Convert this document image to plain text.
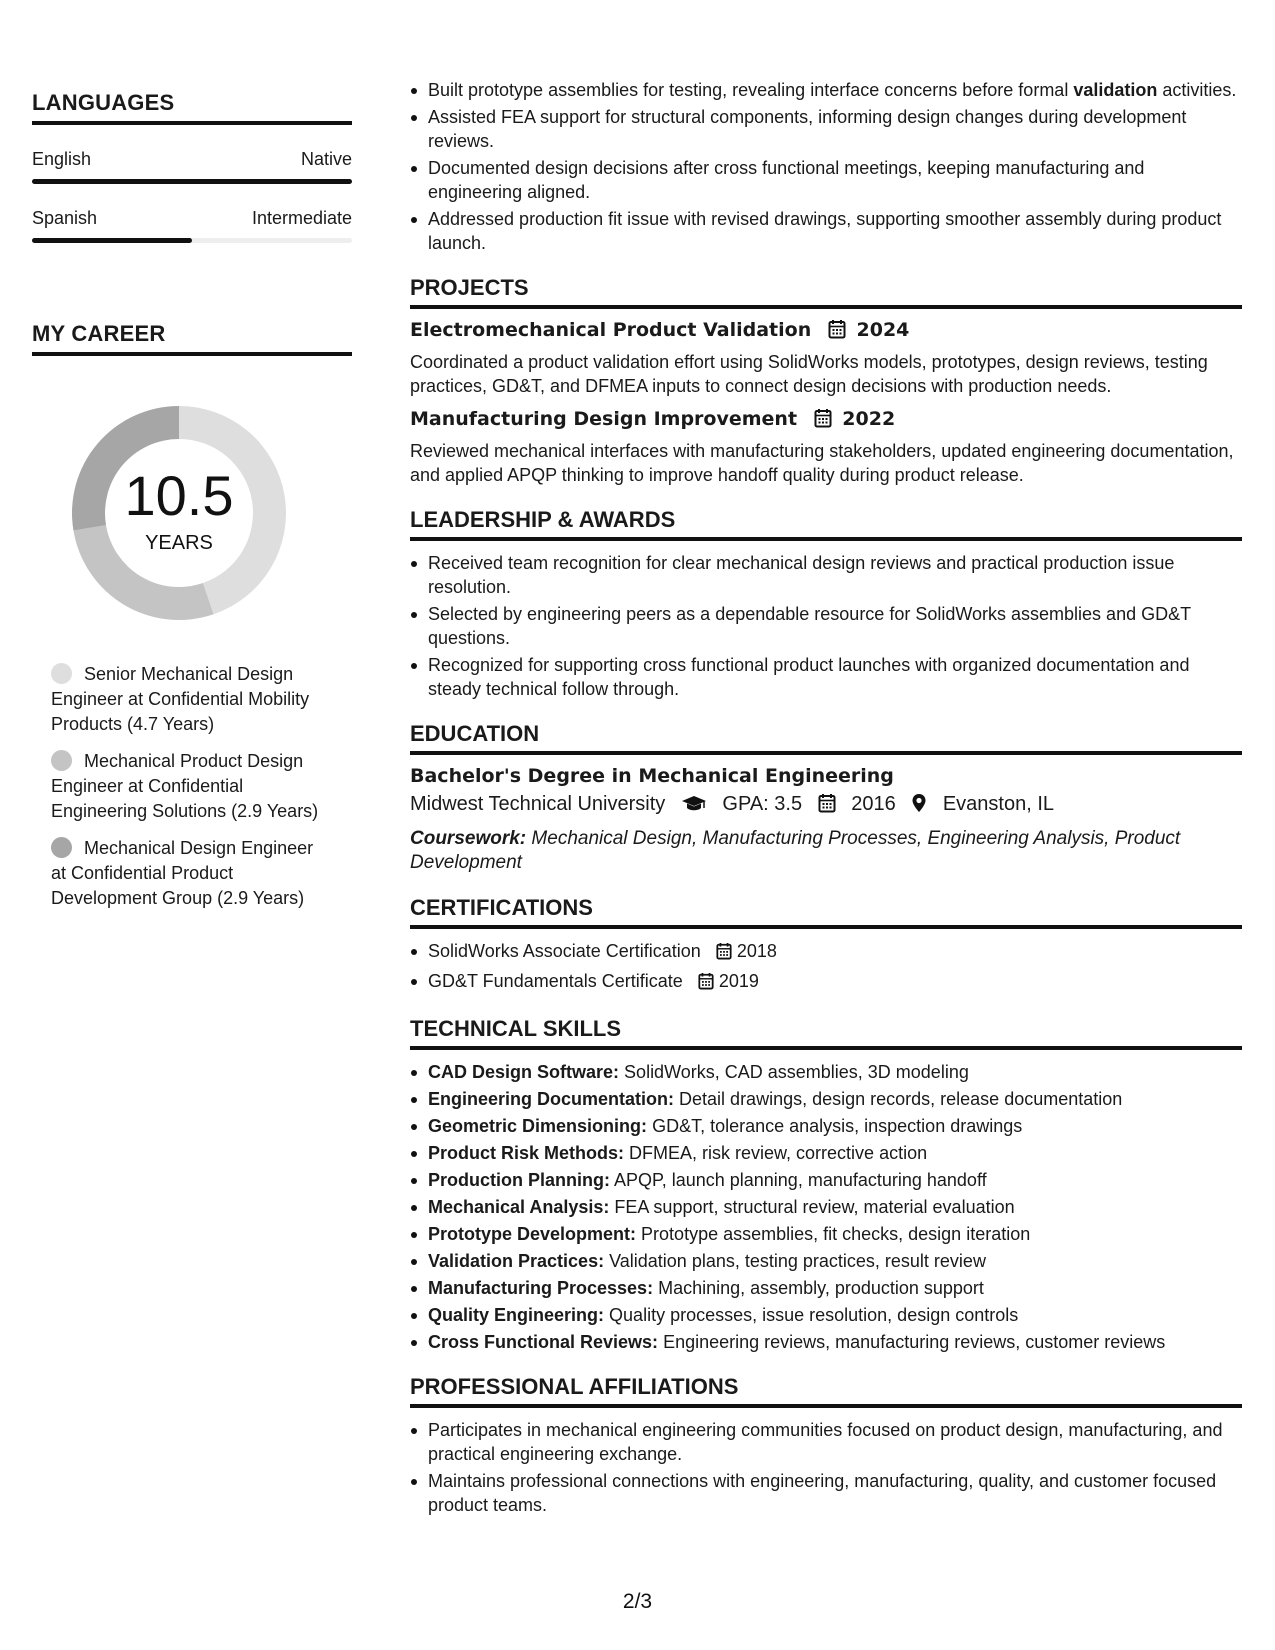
LANGUAGES
English	Native
Spanish	Intermediate
MY CAREER
10.5
YEARS
Senior Mechanical Design Engineer at Confidential Mobility Products (4.7 Years)
Mechanical Product Design Engineer at Confidential Engineering Solutions (2.9 Years)
Mechanical Design Engineer at Confidential Product Development Group (2.9 Years)
Built prototype assemblies for testing, revealing interface concerns before formal validation activities.
Assisted FEA support for structural components, informing design changes during development reviews.
Documented design decisions after cross functional meetings, keeping manufacturing and engineering aligned.
Addressed production fit issue with revised drawings, supporting smoother assembly during product launch.
PROJECTS
Electromechanical Product Validation 2024
Coordinated a product validation effort using SolidWorks models, prototypes, design reviews, testing practices, GD&T, and DFMEA inputs to connect design decisions with production needs.
Manufacturing Design Improvement 2022
Reviewed mechanical interfaces with manufacturing stakeholders, updated engineering documentation, and applied APQP thinking to improve handoff quality during product release.
LEADERSHIP & AWARDS
Received team recognition for clear mechanical design reviews and practical production issue resolution.
Selected by engineering peers as a dependable resource for SolidWorks assemblies and GD&T questions.
Recognized for supporting cross functional product launches with organized documentation and steady technical follow through.
EDUCATION
Bachelor's Degree in Mechanical Engineering
Midwest Technical University	GPA: 3.5 2016 Evanston, IL
Coursework: Mechanical Design, Manufacturing Processes, Engineering Analysis, Product Development
CERTIFICATIONS
SolidWorks Associate Certification 2018
GD&T Fundamentals Certificate 2019
TECHNICAL SKILLS
CAD Design Software: SolidWorks, CAD assemblies, 3D modeling
Engineering Documentation: Detail drawings, design records, release documentation
Geometric Dimensioning: GD&T, tolerance analysis, inspection drawings
Product Risk Methods: DFMEA, risk review, corrective action
Production Planning: APQP, launch planning, manufacturing handoff
Mechanical Analysis: FEA support, structural review, material evaluation
Prototype Development: Prototype assemblies, fit checks, design iteration
Validation Practices: Validation plans, testing practices, result review
Manufacturing Processes: Machining, assembly, production support
Quality Engineering: Quality processes, issue resolution, design controls
Cross Functional Reviews: Engineering reviews, manufacturing reviews, customer reviews
PROFESSIONAL AFFILIATIONS
Participates in mechanical engineering communities focused on product design, manufacturing, and practical engineering exchange.
Maintains professional connections with engineering, manufacturing, quality, and customer focused product teams.
2/3
